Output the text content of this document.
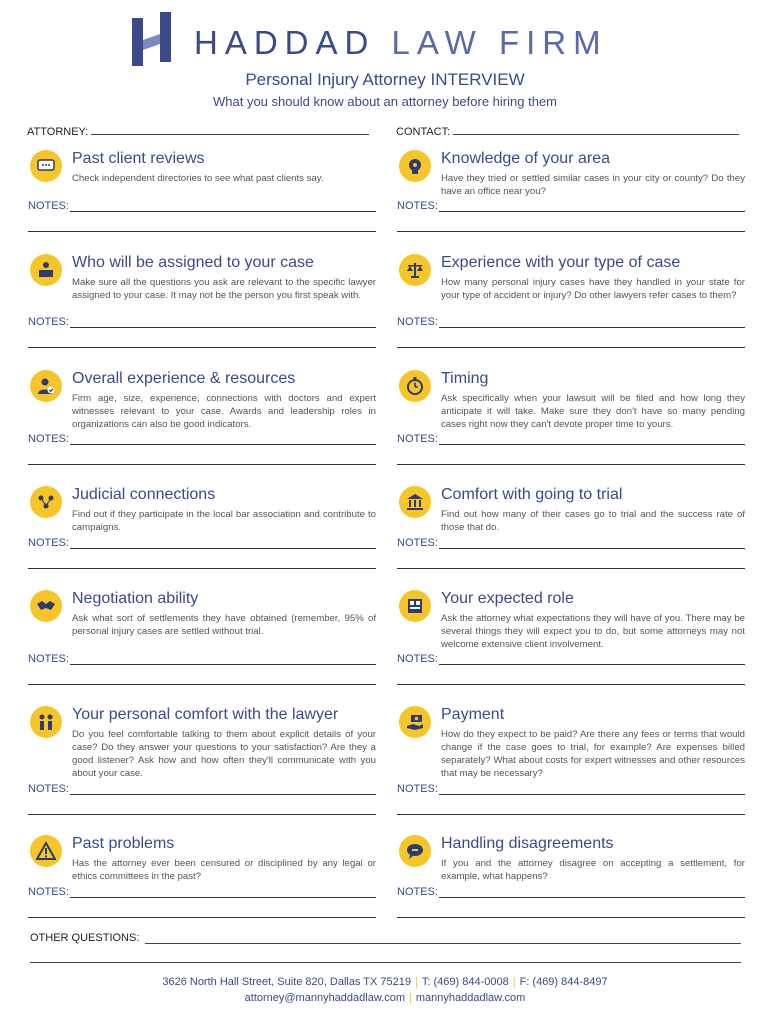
HADDAD LAW FIRM
Personal Injury Attorney INTERVIEW
What you should know about an attorney before hiring them
ATTORNEY:	CONTACT:
Past client reviews
Check independent directories to see what past clients say.
NOTES:
Knowledge of your area
Have they tried or settled similar cases in your city or county? Do they have an office near you?
NOTES:
Who will be assigned to your case
Make sure all the questions you ask are relevant to the specific lawyer assigned to your case. It may not be the person you first speak with.
NOTES:
Experience with your type of case
How many personal injury cases have they handled in your state for your type of accident or injury? Do other lawyers refer cases to them?
NOTES:
Overall experience & resources
Firm age, size, experience, connections with doctors and expert witnesses relevant to your case. Awards and leadership roles in organizations can also be good indicators.
NOTES:
Timing
Ask specifically when your lawsuit will be filed and how long they anticipate it will take. Make sure they don't have so many pending cases right now they can't devote proper time to yours.
NOTES:
Judicial connections
Find out if they participate in the local bar association and contribute to campaigns.
NOTES:
Comfort with going to trial
Find out how many of their cases go to trial and the success rate of those that do.
NOTES:
Negotiation ability
Ask what sort of settlements they have obtained (remember, 95% of personal injury cases are settled without trial.
NOTES:
Your expected role
Ask the attorney what expectations they will have of you. There may be several things they will expect you to do, but some attorneys may not welcome extensive client involvement.
NOTES:
Your personal comfort with the lawyer
Do you feel comfortable talking to them about explicit details of your case? Do they answer your questions to your satisfaction? Are they a good listener? Ask how and how often they'll communicate with you about your case.
NOTES:
Payment
How do they expect to be paid? Are there any fees or terms that would change if the case goes to trial, for example? Are expenses billed separately? What about costs for expert witnesses and other resources that may be necessary?
NOTES:
Past problems
Has the attorney ever been censured or disciplined by any legal or ethics committees in the past?
NOTES:
Handling disagreements
If you and the attorney disagree on accepting a settlement, for example, what happens?
NOTES:
OTHER QUESTIONS:
3626 North Hall Street, Suite 820, Dallas TX 75219 | T: (469) 844-0008 | F: (469) 844-8497
attorney@mannyhaddadlaw.com | mannyhaddadlaw.com
